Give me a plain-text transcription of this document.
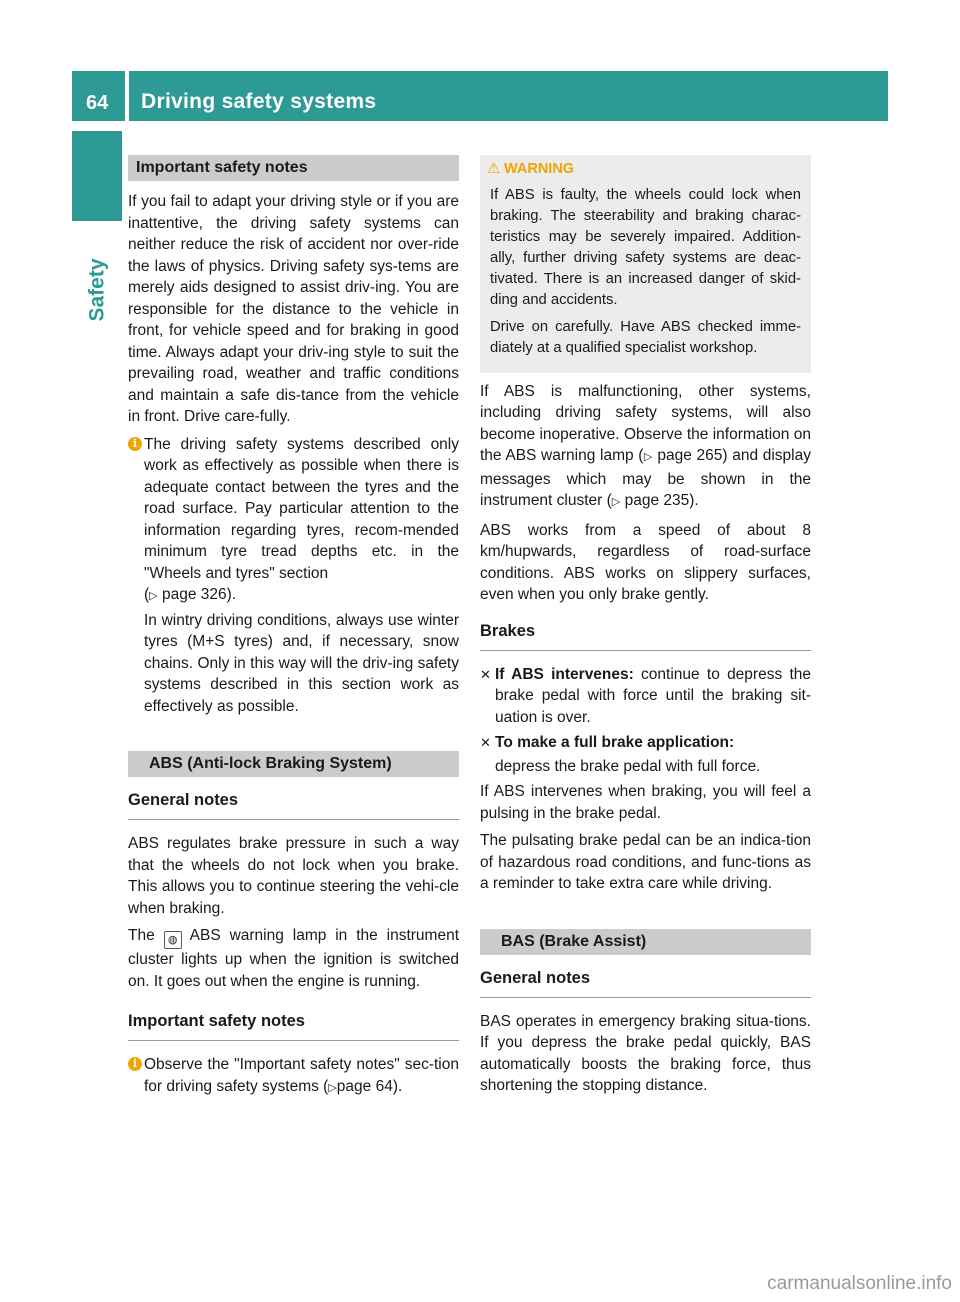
64 Driving safety systems
Safety
Important safety notes

If you fail to adapt your driving style or if you are inattentive, the driving safety systems can neither reduce the risk of accident nor over-ride the laws of physics. Driving safety sys-tems are merely aids designed to assist driv-ing. You are responsible for the distance to the vehicle in front, for vehicle speed and for braking in good time. Always adapt your driv-ing style to suit the prevailing road, weather and traffic conditions and maintain a safe dis-tance from the vehicle in front. Drive care-fully.

i The driving safety systems described only work as effectively as possible when there is adequate contact between the tyres and the road surface. Pay particular attention to the information regarding tyres, recom-mended minimum tyre tread depths etc. in the "Wheels and tyres" section
(▷ page 326).

In wintry driving conditions, always use winter tyres (M+S tyres) and, if necessary, snow chains. Only in this way will the driv-ing safety systems described in this section work as effectively as possible.

ABS (Anti-lock Braking System)
General notes

ABS regulates brake pressure in such a way that the wheels do not lock when you brake. This allows you to continue steering the vehi-cle when braking.

The ◍ ABS warning lamp in the instrument cluster lights up when the ignition is switched on. It goes out when the engine is running.

Important safety notes
i Observe the "Important safety notes" sec-tion for driving safety systems (▷page 64).

⚠ WARNING

If ABS is faulty, the wheels could lock when braking. The steerability and braking charac-teristics may be severely impaired. Addition-ally, further driving safety systems are deac-tivated. There is an increased danger of skid-ding and accidents.

Drive on carefully. Have ABS checked imme-diately at a qualified specialist workshop.

If ABS is malfunctioning, other systems, including driving safety systems, will also become inoperative. Observe the information on the ABS warning lamp (▷ page 265) and display messages which may be shown in the instrument cluster (▷ page 235).

ABS works from a speed of about 8 km/hupwards, regardless of road-surface conditions. ABS works on slippery surfaces, even when you only brake gently.

Brakes
✕ If ABS intervenes: continue to depress the brake pedal with force until the braking sit-uation is over.

✕ To make a full brake application:

depress the brake pedal with full force.

If ABS intervenes when braking, you will feel a pulsing in the brake pedal.

The pulsating brake pedal can be an indica-tion of hazardous road conditions, and func-tions as a reminder to take extra care while driving.

BAS (Brake Assist)
General notes

BAS operates in emergency braking situa-tions. If you depress the brake pedal quickly, BAS automatically boosts the braking force, thus shortening the stopping distance.

carmanualsonline.info
